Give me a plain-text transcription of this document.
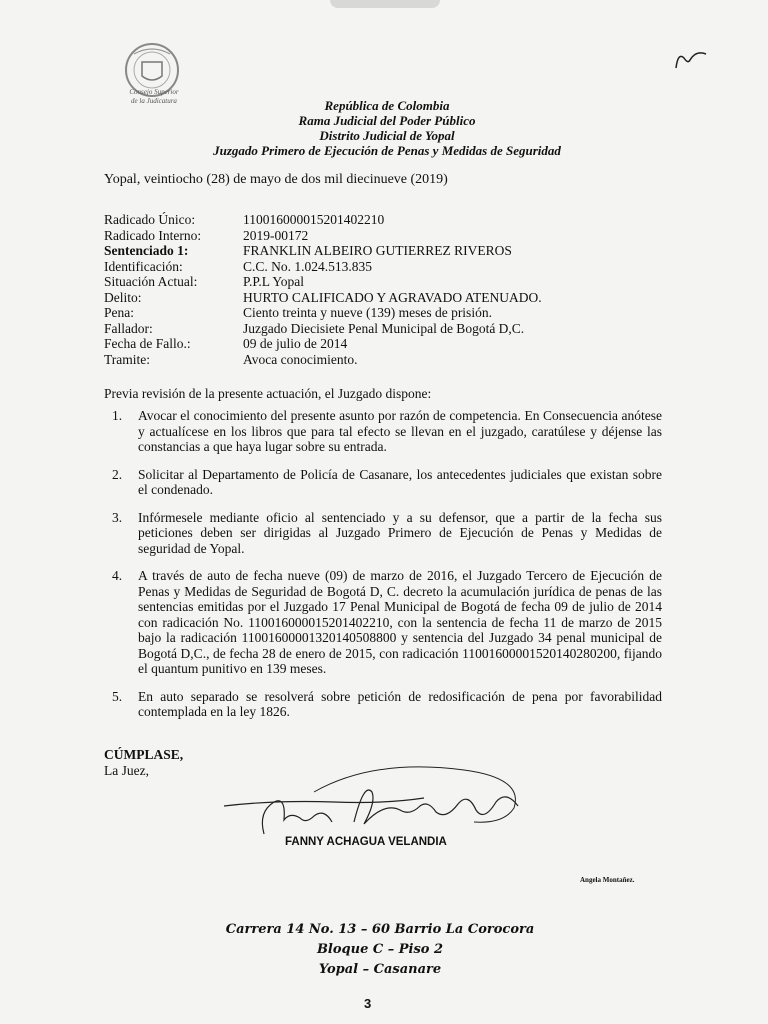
Consejo Superior
de la Judicatura	República de Colombia
Rama Judicial del Poder Público
Distrito Judicial de Yopal
Juzgado Primero de Ejecución de Penas y Medidas de Seguridad
Yopal, veintiocho (28) de mayo de dos mil diecinueve (2019)
Radicado Único:	11001600001520140221​0
Radicado Interno:	2019-00172
Sentenciado 1:	FRANKLIN ALBEIRO GUTIERREZ RIVEROS
Identificación:	C.C. No. 1.024.513.835
Situación Actual:	P.P.L Yopal
Delito:	HURTO CALIFICADO Y AGRAVADO ATENUADO.
Pena:	Ciento treinta y nueve (139) meses de prisión.
Fallador:	Juzgado Diecisiete Penal Municipal de Bogotá D,C.
Fecha de Fallo.:	09 de julio de 2014
Tramite:	Avoca conocimiento.
Previa revisión de la presente actuación, el Juzgado dispone:
1.	Avocar el conocimiento del presente asunto por razón de competencia. En Consecuencia anótese y actualícese en los libros que para tal efecto se llevan en el juzgado, caratúlese y déjense las constancias a que haya lugar sobre su entrada.
2.	Solicitar al Departamento de Policía de Casanare, los antecedentes judiciales que existan sobre el condenado.
3.	Infórmesele mediante oficio al sentenciado y a su defensor, que a partir de la fecha sus peticiones deben ser dirigidas al Juzgado Primero de Ejecución de Penas y Medidas de seguridad de Yopal.
4.	A través de auto de fecha nueve (09) de marzo de 2016, el Juzgado Tercero de Ejecución de Penas y Medidas de Seguridad de Bogotá D, C. decreto la acumulación jurídica de penas de las sentencias emitidas por el Juzgado 17 Penal Municipal de Bogotá de fecha 09 de julio de 2014 con radicación No. 110016000015201402210, con la sentencia de fecha 11 de marzo de 2015 bajo la radicación 110016000013201405088​00 y sentencia del Juzgado 34 penal municipal de Bogotá D,C., de fecha 28 de enero de 2015, con radicación 110016000015201402802​00, fijando el quantum punitivo en 139 meses.
5.	En auto separado se resolverá sobre petición de redosificación de pena por favorabilidad contemplada en la ley 1826.
CÚMPLASE,
La Juez,
FANNY ACHAGUA VELANDIA
Angela Montañez.
Carrera 14 No. 13 – 60 Barrio La Corocora
Bloque C – Piso 2
Yopal – Casanare
3
